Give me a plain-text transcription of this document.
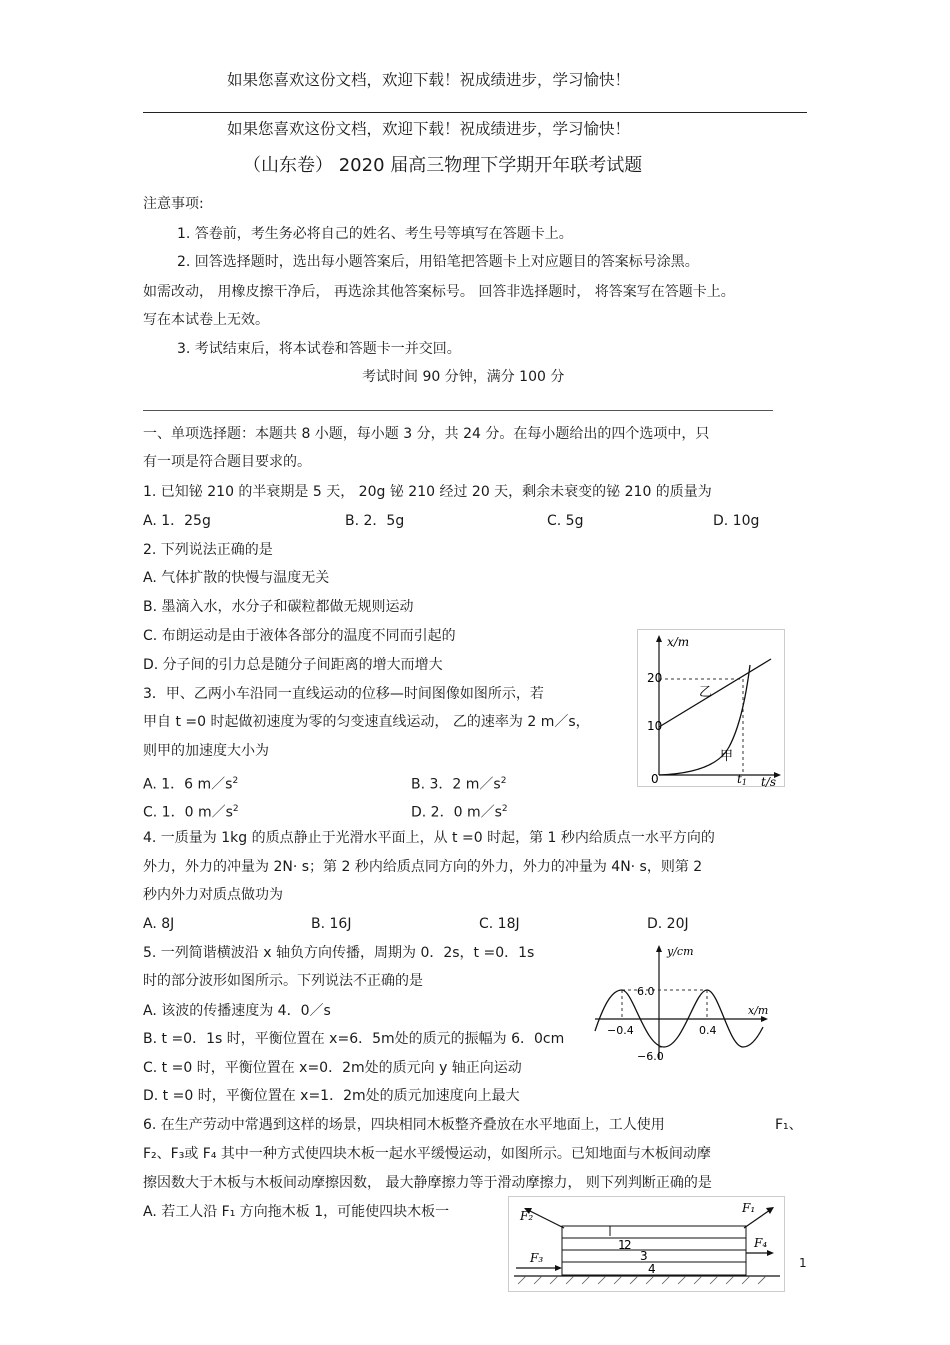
如果您喜欢这份文档，欢迎下载！祝成绩进步，学习愉快！
如果您喜欢这份文档，欢迎下载！祝成绩进步，学习愉快！
（山东卷） 2020 届高三物理下学期开年联考试题
注意事项:
1. 答卷前，考生务必将自己的姓名、考生号等填写在答题卡上。
2. 回答选择题时，选出每小题答案后，用铅笔把答题卡上对应题目的答案标号涂黑。
如需改动， 用橡皮擦干净后， 再选涂其他答案标号。 回答非选择题时， 将答案写在答题卡上。
写在本试卷上无效。
3. 考试结束后，将本试卷和答题卡一并交回。
考试时间 90 分钟，满分 100 分
一、单项选择题：本题共 8 小题，每小题 3 分，共 24 分。在每小题给出的四个选项中，只
有一项是符合题目要求的。
1. 已知铋 210 的半衰期是 5 天， 20g 铋 210 经过 20 天，剩余未衰变的铋 210 的质量为
A. 1．25g	B. 2．5g	C. 5g	D. 10g
2. 下列说法正确的是
A. 气体扩散的快慢与温度无关
B. 墨滴入水，水分子和碳粒都做无规则运动
C. 布朗运动是由于液体各部分的温度不同而引起的
D. 分子间的引力总是随分子间距离的增大而增大
3．甲、乙两小车沿同一直线运动的位移—时间图像如图所示，若
甲自 t =0 时起做初速度为零的匀变速直线运动， 乙的速率为 2 m／s，
则甲的加速度大小为
A. 1．6 $m/s^2$	B. 3．2 $m/s^2$
C. 1．0 $m/s^2$	D. 2．0 $m/s^2$
x/m
t/s
20
10
0	t1
乙
甲
4. 一质量为 1kg 的质点静止于光滑水平面上，从 t =0 时起，第 1 秒内给质点一水平方向的
外力，外力的冲量为 2N· s；第 2 秒内给质点同方向的外力，外力的冲量为 4N· s，则第 2
秒内外力对质点做功为
A. 8J	B. 16J	C. 18J	D. 20J
5. 一列简谐横波沿 x 轴负方向传播，周期为 0．2s，t =0．1s
时的部分波形如图所示。下列说法不正确的是
A. 该波的传播速度为 4．0／s
B. t =0．1s 时，平衡位置在 x=6．5m处的质元的振幅为 6．0cm
C. t =0 时，平衡位置在 x=0．2m处的质元向 y 轴正向运动
D. t =0 时，平衡位置在 x=1．2m处的质元加速度向上最大
y/cm
x/m
6.0
−6.0
−0.4	0.4
6. 在生产劳动中常遇到这样的场景，四块相同木板整齐叠放在水平地面上，工人使用	F₁、
F₂、F₃或 F₄ 其中一种方式使四块木板一起水平缓慢运动，如图所示。已知地面与木板间动摩
擦因数大于木板与木板间动摩擦因数， 最大静摩擦力等于滑动摩擦力， 则下列判断正确的是
A. 若工人沿 F₁ 方向拖木板 1，可能使四块木板一
1
2
3
4
F₂
F₁
F₄
F₃	1
